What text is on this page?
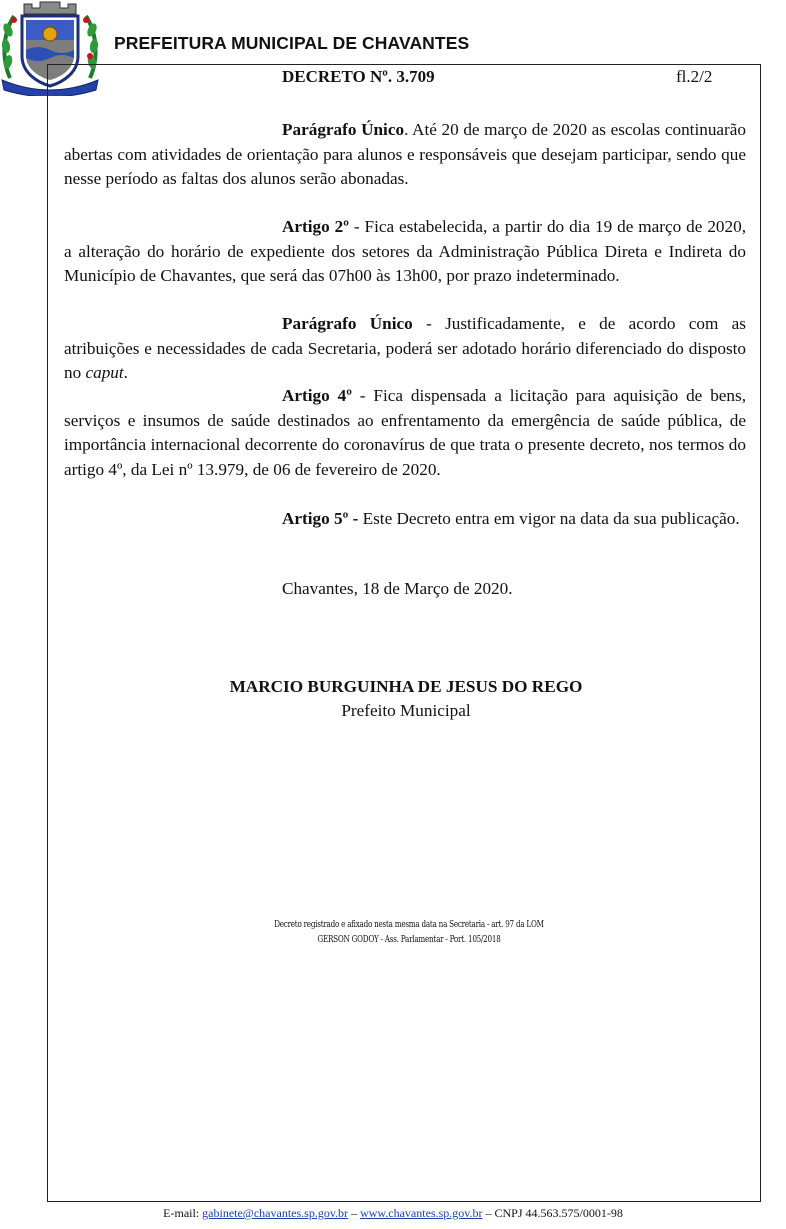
PREFEITURA MUNICIPAL DE CHAVANTES
DECRETO Nº. 3.709	fl.2/2

Parágrafo Único. Até 20 de março de 2020 as escolas continuarão abertas com atividades de orientação para alunos e responsáveis que desejam participar, sendo que nesse período as faltas dos alunos serão abonadas.

Artigo 2º - Fica estabelecida, a partir do dia 19 de março de 2020, a alteração do horário de expediente dos setores da Administração Pública Direta e Indireta do Município de Chavantes, que será das 07h00 às 13h00, por prazo indeterminado.

Parágrafo Único - Justificadamente, e de acordo com as atribuições e necessidades de cada Secretaria, poderá ser adotado horário diferenciado do disposto no caput.

Artigo 4º - Fica dispensada a licitação para aquisição de bens, serviços e insumos de saúde destinados ao enfrentamento da emergência de saúde pública, de importância internacional decorrente do coronavírus de que trata o presente decreto, nos termos do artigo 4º, da Lei nº 13.979, de 06 de fevereiro de 2020.

Artigo 5º - Este Decreto entra em vigor na data da sua publicação.

Chavantes, 18 de Março de 2020.
MARCIO BURGUINHA DE JESUS DO REGO
Prefeito Municipal
Decreto registrado e afixado nesta mesma data na Secretaria - art. 97 da LOM
GERSON GODOY - Ass. Parlamentar - Port. 105/2018
E-mail: gabinete@chavantes.sp.gov.br – www.chavantes.sp.gov.br – CNPJ 44.563.575/0001-98
